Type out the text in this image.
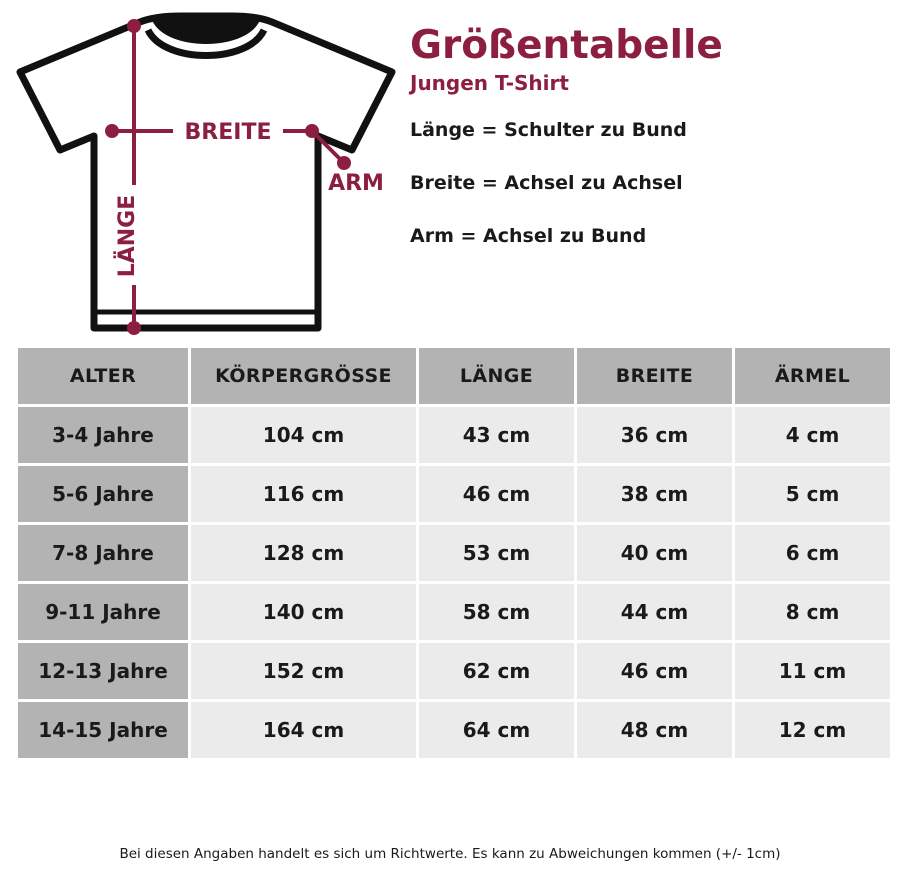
BREITE
LÄNGE
ARM
Größentabelle
Jungen T-Shirt
Länge = Schulter zu Bund
Breite = Achsel zu Achsel
Arm = Achsel zu Bund
ALTER	KÖRPERGRÖSSE	LÄNGE	BREITE	ÄRMEL
3-4 Jahre	104 cm	43 cm	36 cm	4 cm
5-6 Jahre	116 cm	46 cm	38 cm	5 cm
7-8 Jahre	128 cm	53 cm	40 cm	6 cm
9-11 Jahre	140 cm	58 cm	44 cm	8 cm
12-13 Jahre	152 cm	62 cm	46 cm	11 cm
14-15 Jahre	164 cm	64 cm	48 cm	12 cm
Bei diesen Angaben handelt es sich um Richtwerte. Es kann zu Abweichungen kommen (+/- 1cm)
